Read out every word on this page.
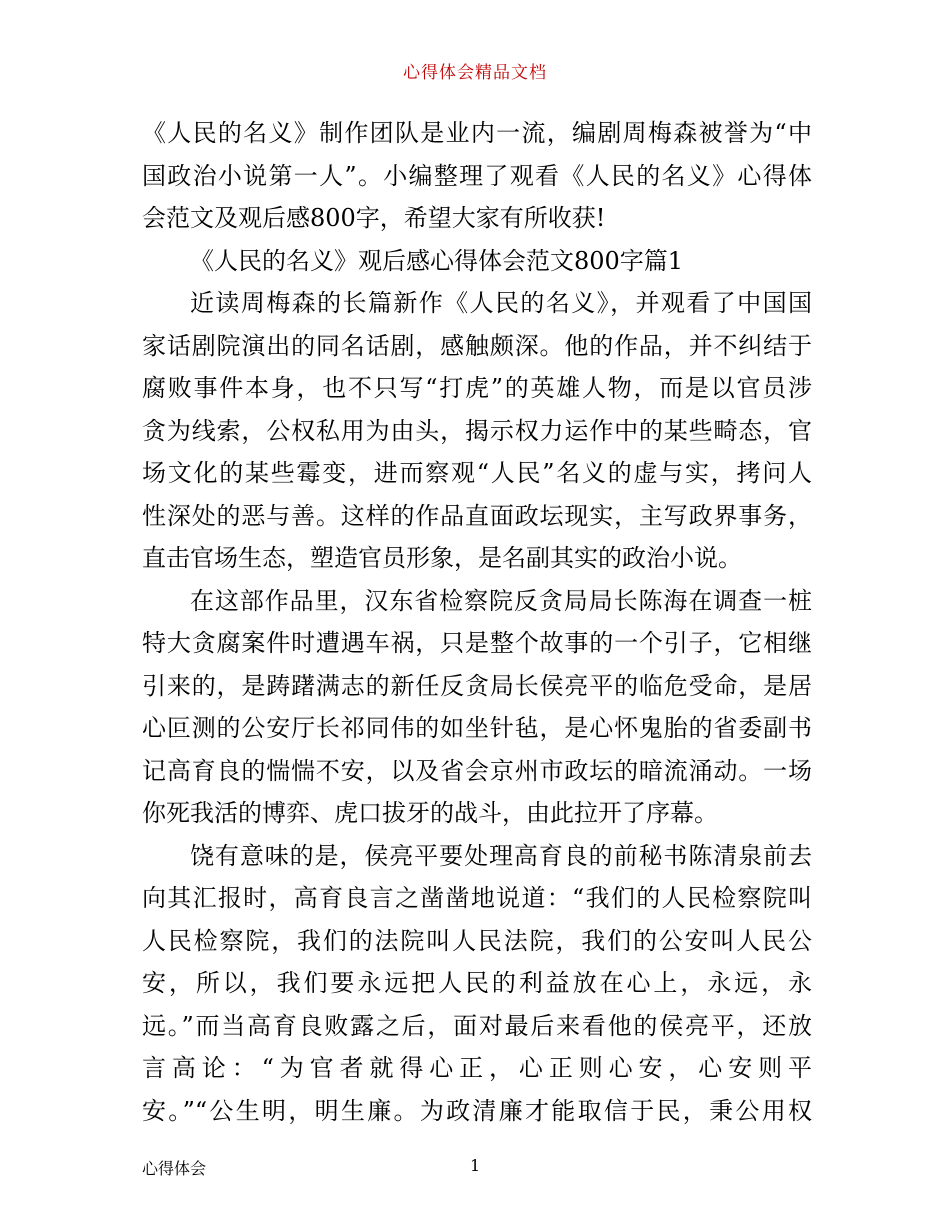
心得体会精品文档
《人民的名义》制作团队是业内一流，编剧周梅森被誉为“中
国政治小说第一人”。小编整理了观看《人民的名义》心得体
会范文及观后感800字，希望大家有所收获!
《人民的名义》观后感心得体会范文800字篇1
近读周梅森的长篇新作《人民的名义》，并观看了中国国
家话剧院演出的同名话剧，感触颇深。他的作品，并不纠结于
腐败事件本身，也不只写“打虎”的英雄人物，而是以官员涉
贪为线索，公权私用为由头，揭示权力运作中的某些畸态，官
场文化的某些霉变，进而察观“人民”名义的虚与实，拷问人
性深处的恶与善。这样的作品直面政坛现实，主写政界事务，
直击官场生态，塑造官员形象，是名副其实的政治小说。
在这部作品里，汉东省检察院反贪局局长陈海在调查一桩
特大贪腐案件时遭遇车祸，只是整个故事的一个引子，它相继
引来的，是踌躇满志的新任反贪局长侯亮平的临危受命，是居
心叵测的公安厅长祁同伟的如坐针毡，是心怀鬼胎的省委副书
记高育良的惴惴不安，以及省会京州市政坛的暗流涌动。一场
你死我活的博弈、虎口拔牙的战斗，由此拉开了序幕。
饶有意味的是，侯亮平要处理高育良的前秘书陈清泉前去
向其汇报时，高育良言之凿凿地说道：“我们的人民检察院叫
人民检察院，我们的法院叫人民法院，我们的公安叫人民公
安，所以，我们要永远把人民的利益放在心上，永远，永
远。”而当高育良败露之后，面对最后来看他的侯亮平，还放
言高论：“为官者就得心正，心正则心安，心安则平
安。”“公生明，明生廉。为政清廉才能取信于民，秉公用权
心得体会	1
